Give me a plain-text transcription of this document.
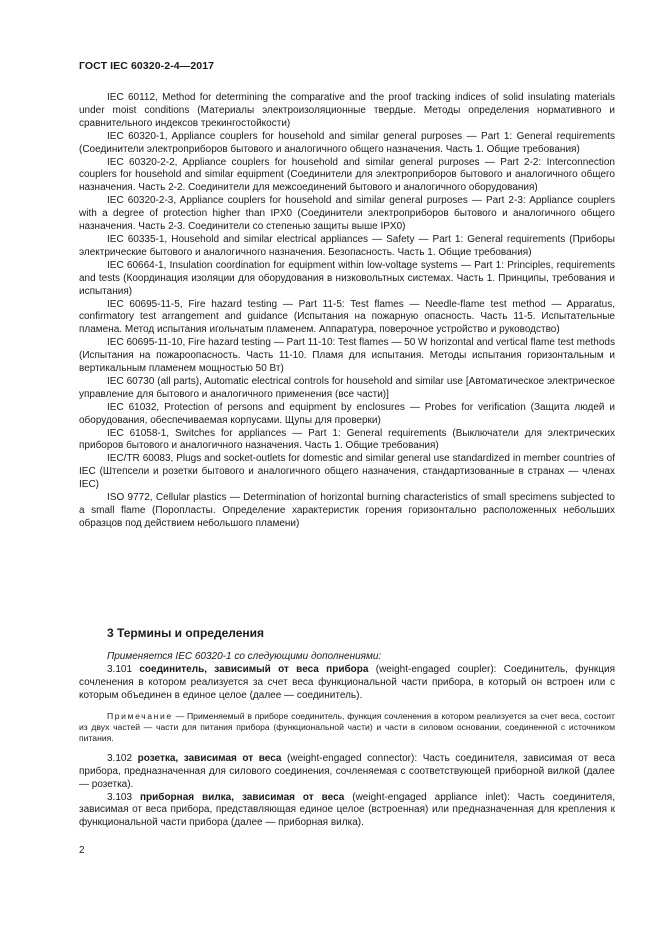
ГОСТ IEC 60320-2-4—2017

IEC 60112, Method for determining the comparative and the proof tracking indices of solid insulating materials under moist conditions (Материалы электроизоляционные твердые. Методы определения нормативного и сравнительного индексов трекингостойкости)

IEC 60320-1, Appliance couplers for household and similar general purposes — Part 1: General requirements (Соединители электроприборов бытового и аналогичного общего назначения. Часть 1. Общие требования)

IEC 60320-2-2, Appliance couplers for household and similar general purposes — Part 2-2: Interconnection couplers for household and similar equipment (Соединители для электроприборов бытового и аналогичного общего назначения. Часть 2-2. Соединители для межсоединений бытового и аналогичного оборудования)

IEC 60320-2-3, Appliance couplers for household and similar general purposes — Part 2-3: Appliance couplers with a degree of protection higher than IPX0 (Соединители электроприборов бытового и аналогичного общего назначения. Часть 2-3. Соединители со степенью защиты выше IPX0)

IEC 60335-1, Household and similar electrical appliances — Safety — Part 1: General requirements (Приборы электрические бытового и аналогичного назначения. Безопасность. Часть 1. Общие требования)

IEC 60664-1, Insulation coordination for equipment within low-voltage systems — Part 1: Principles, requirements and tests (Координация изоляции для оборудования в низковольтных системах. Часть 1. Принципы, требования и испытания)

IEC 60695-11-5, Fire hazard testing — Part 11-5: Test flames — Needle-flame test method — Apparatus, confirmatory test arrangement and guidance (Испытания на пожарную опасность. Часть 11-5. Испытательные пламена. Метод испытания игольчатым пламенем. Аппаратура, поверочное устройство и руководство)

IEC 60695-11-10, Fire hazard testing — Part 11-10: Test flames — 50 W horizontal and vertical flame test methods (Испытания на пожароопасность. Часть 11-10. Пламя для испытания. Методы испытания горизонтальным и вертикальным пламенем мощностью 50 Вт)

IEC 60730 (all parts), Automatic electrical controls for household and similar use [Автоматическое электрическое управление для бытового и аналогичного применения (все части)]

IEC 61032, Protection of persons and equipment by enclosures — Probes for verification (Защита людей и оборудования, обеспечиваемая корпусами. Щупы для проверки)

IEC 61058-1, Switches for appliances — Part 1: General requirements (Выключатели для электрических приборов бытового и аналогичного назначения. Часть 1. Общие требования)

IEC/TR 60083, Plugs and socket-outlets for domestic and similar general use standardized in member countries of IEC (Штепсели и розетки бытового и аналогичного общего назначения, стандартизованные в странах — членах IEC)

ISO 9772, Cellular plastics — Determination of horizontal burning characteristics of small specimens subjected to a small flame (Поропласты. Определение характеристик горения горизонтально расположенных небольших образцов под действием небольшого пламени)

3 Термины и определения

Применяется IEC 60320-1 со следующими дополнениями:

3.101 соединитель, зависимый от веса прибора (weight-engaged coupler): Соединитель, функция сочленения в котором реализуется за счет веса функциональной части прибора, в который он встроен или с которым объединен в единое целое (далее — соединитель).

Примечание — Применяемый в приборе соединитель, функция сочленения в котором реализуется за счет веса, состоит из двух частей — части для питания прибора (функциональной части) и части в силовом основании, соединенной с источником питания.

3.102 розетка, зависимая от веса (weight-engaged connector): Часть соединителя, зависимая от веса прибора, предназначенная для силового соединения, сочленяемая с соответствующей приборной вилкой (далее — розетка).

3.103 приборная вилка, зависимая от веса (weight-engaged appliance inlet): Часть соединителя, зависимая от веса прибора, представляющая единое целое (встроенная) или предназначенная для крепления к функциональной части прибора (далее — приборная вилка).

2
